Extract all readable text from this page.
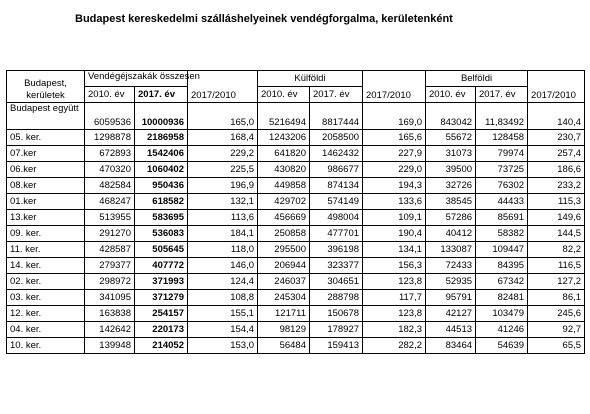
Budapest kereskedelmi szálláshelyeinek vendégforgalma, kerületenként
Budapest,
kerületek	Vendégéjszakák összesen			Külföldi			Belföldi		
	2010. év	2017. év	2017/2010	2010. év	2017. év	2017/2010	2010. év	2017. év	2017/2010
Budapest együtt	6059536	10000936	165,0	5216494	8817444	169,0	843042	11,83492	140,4
05. ker.	1298878	2186958	168,4	1243206	2058500	165,6	55672	128458	230,7
07.ker	672893	1542406	229,2	641820	1462432	227,9	31073	79974	257,4
06.ker	470320	1060402	225,5	430820	986677	229,0	39500	73725	186,6
08.ker	482584	950436	196,9	449858	874134	194,3	32726	76302	233,2
01.ker	468247	618582	132,1	429702	574149	133,6	38545	44433	115,3
13.ker	513955	583695	113,6	456669	498004	109,1	57286	85691	149,6
09. ker.	291270	536083	184,1	250858	477701	190,4	40412	58382	144,5
11. ker.	428587	505645	118,0	295500	396198	134,1	133087	109447	82,2
14. ker.	279377	407772	146,0	206944	323377	156,3	72433	84395	116,5
02. ker.	298972	371993	124,4	246037	304651	123,8	52935	67342	127,2
03. ker.	341095	371279	108,8	245304	288798	117,7	95791	82481	86,1
12. ker.	163838	254157	155,1	121711	150678	123,8	42127	103479	245,6
04. ker.	142642	220173	154,4	98129	178927	182,3	44513	41246	92,7
10. ker.	139948	214052	153,0	56484	159413	282,2	83464	54639	65,5
